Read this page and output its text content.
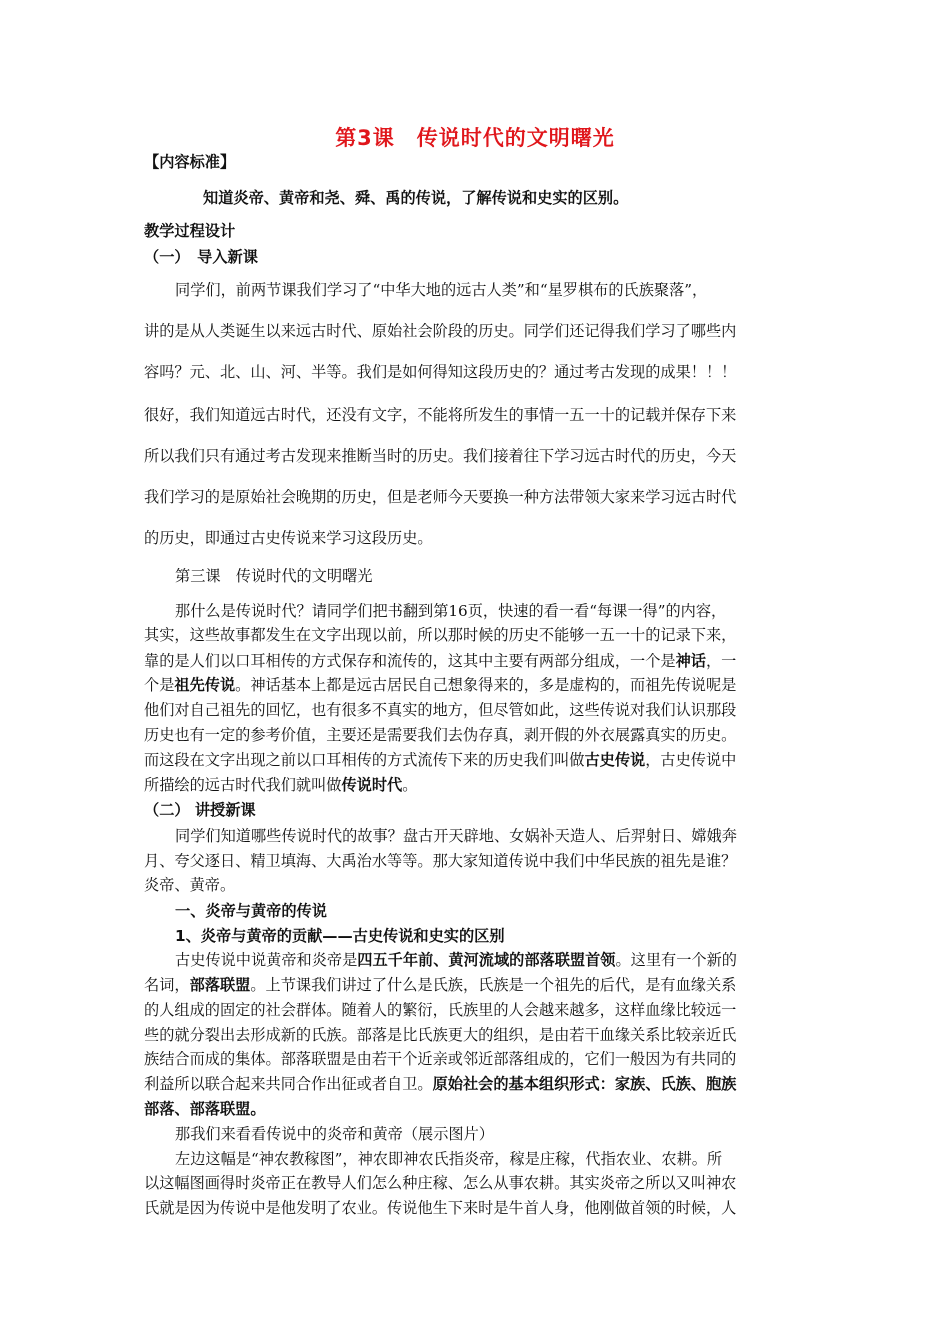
第3课　传说时代的文明曙光
【内容标准】
知道炎帝、黄帝和尧、舜、禹的传说，了解传说和史实的区别。
教学过程设计
（一）　导入新课
同学们，前两节课我们学习了“中华大地的远古人类”和“星罗棋布的氏族聚落”，
讲的是从人类诞生以来远古时代、原始社会阶段的历史。同学们还记得我们学习了哪些内
容吗？元、北、山、河、半等。我们是如何得知这段历史的？通过考古发现的成果！！！
很好，我们知道远古时代，还没有文字，不能将所发生的事情一五一十的记载并保存下来
所以我们只有通过考古发现来推断当时的历史。我们接着往下学习远古时代的历史，今天
我们学习的是原始社会晚期的历史，但是老师今天要换一种方法带领大家来学习远古时代
的历史，即通过古史传说来学习这段历史。
第三课　传说时代的文明曙光
那什么是传说时代？请同学们把书翻到第16页，快速的看一看“每课一得”的内容，
其实，这些故事都发生在文字出现以前，所以那时候的历史不能够一五一十的记录下来，
靠的是人们以口耳相传的方式保存和流传的，这其中主要有两部分组成，一个是神话，一
个是祖先传说。神话基本上都是远古居民自己想象得来的，多是虚构的，而祖先传说呢是
他们对自己祖先的回忆，也有很多不真实的地方，但尽管如此，这些传说对我们认识那段
历史也有一定的参考价值，主要还是需要我们去伪存真，剥开假的外衣展露真实的历史。
而这段在文字出现之前以口耳相传的方式流传下来的历史我们叫做古史传说，古史传说中
所描绘的远古时代我们就叫做传说时代。
（二） 讲授新课
同学们知道哪些传说时代的故事？盘古开天辟地、女娲补天造人、后羿射日、嫦娥奔
月、夸父逐日、精卫填海、大禹治水等等。那大家知道传说中我们中华民族的祖先是谁？
炎帝、黄帝。
一、炎帝与黄帝的传说
1、炎帝与黄帝的贡献——古史传说和史实的区别
古史传说中说黄帝和炎帝是四五千年前、黄河流域的部落联盟首领。这里有一个新的
名词，部落联盟。上节课我们讲过了什么是氏族，氏族是一个祖先的后代，是有血缘关系
的人组成的固定的社会群体。随着人的繁衍，氏族里的人会越来越多，这样血缘比较远一
些的就分裂出去形成新的氏族。部落是比氏族更大的组织，是由若干血缘关系比较亲近氏
族结合而成的集体。部落联盟是由若干个近亲或邻近部落组成的，它们一般因为有共同的
利益所以联合起来共同合作出征或者自卫。原始社会的基本组织形式：家族、氏族、胞族
部落、部落联盟。
那我们来看看传说中的炎帝和黄帝（展示图片）
左边这幅是“神农教稼图”，神农即神农氏指炎帝，稼是庄稼，代指农业、农耕。所
以这幅图画得时炎帝正在教导人们怎么种庄稼、怎么从事农耕。其实炎帝之所以又叫神农
氏就是因为传说中是他发明了农业。传说他生下来时是牛首人身，他刚做首领的时候，人
